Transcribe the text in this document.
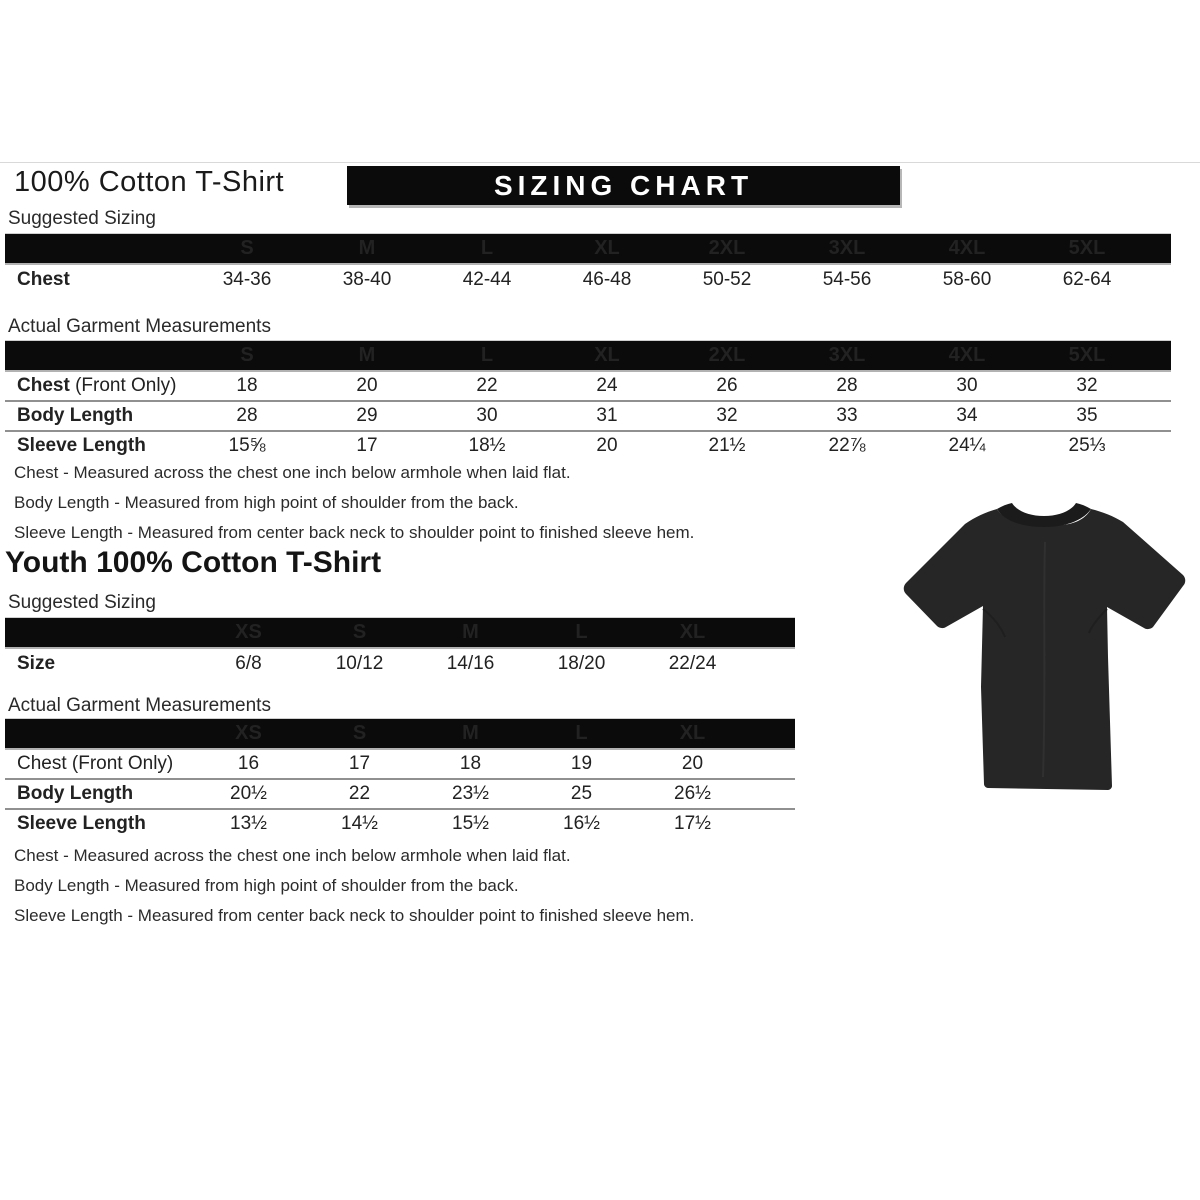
100% Cotton T-Shirt	SIZING CHART
Suggested Sizing
S	M	L	XL	2XL	3XL	4XL	5XL
Chest	34-36	38-40	42-44	46-48	50-52	54-56	58-60	62-64
Actual Garment Measurements
S	M	L	XL	2XL	3XL	4XL	5XL
Chest (Front Only)	18	20	22	24	26	28	30	32
Body Length	28	29	30	31	32	33	34	35
Sleeve Length	15⅝	17	18½	20	21½	22⅞	24¼	25⅓
Chest - Measured across the chest one inch below armhole when laid flat.
Body Length - Measured from high point of shoulder from the back.
Sleeve Length - Measured from center back neck to shoulder point to finished sleeve hem.
Youth 100% Cotton T-Shirt
Suggested Sizing
XS	S	M	L	XL
Size	6/8	10/12	14/16	18/20	22/24
Actual Garment Measurements
XS	S	M	L	XL
Chest (Front Only)	16	17	18	19	20
Body Length	20½	22	23½	25	26½
Sleeve Length	13½	14½	15½	16½	17½
Chest - Measured across the chest one inch below armhole when laid flat.
Body Length - Measured from high point of shoulder from the back.
Sleeve Length - Measured from center back neck to shoulder point to finished sleeve hem.
